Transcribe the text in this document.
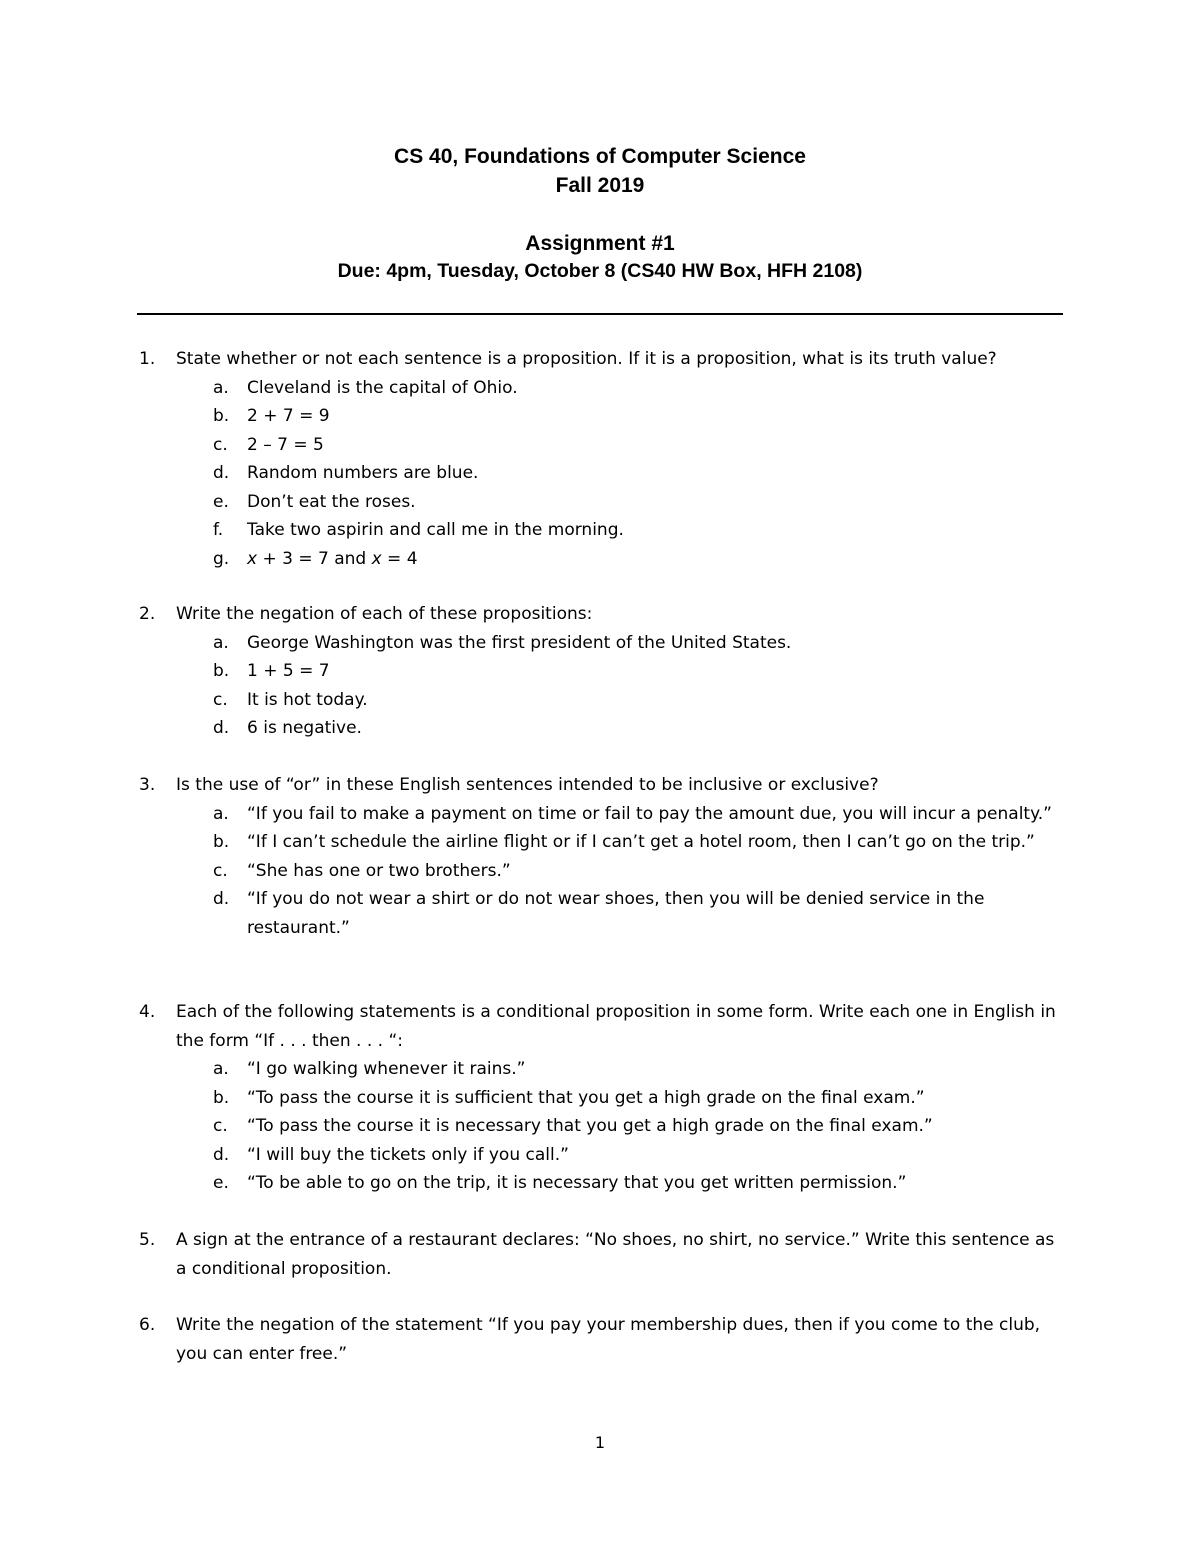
CS 40, Foundations of Computer Science
Fall 2019
Assignment #1
Due: 4pm, Tuesday, October 8 (CS40 HW Box, HFH 2108)
1.	State whether or not each sentence is a proposition. If it is a proposition, what is its truth value?
a.	Cleveland is the capital of Ohio.
b.	2 + 7 = 9
c.	2 – 7 = 5
d.	Random numbers are blue.
e.	Don’t eat the roses.
f.	Take two aspirin and call me in the morning.
g.	x + 3 = 7 and x = 4
2.	Write the negation of each of these propositions:
a.	George Washington was the first president of the United States.
b.	1 + 5 = 7
c.	It is hot today.
d.	6 is negative.
3.	Is the use of “or” in these English sentences intended to be inclusive or exclusive?
a.	“If you fail to make a payment on time or fail to pay the amount due, you will incur a penalty.”
b.	“If I can’t schedule the airline flight or if I can’t get a hotel room, then I can’t go on the trip.”
c.	“She has one or two brothers.”
d.	“If you do not wear a shirt or do not wear shoes, then you will be denied service in the restaurant.”
4.	Each of the following statements is a conditional proposition in some form. Write each one in English in the form “If . . . then . . . “:
a.	“I go walking whenever it rains.”
b.	“To pass the course it is sufficient that you get a high grade on the final exam.”
c.	“To pass the course it is necessary that you get a high grade on the final exam.”
d.	“I will buy the tickets only if you call.”
e.	“To be able to go on the trip, it is necessary that you get written permission.”
5.	A sign at the entrance of a restaurant declares: “No shoes, no shirt, no service.” Write this sentence as a conditional proposition.
6.	Write the negation of the statement “If you pay your membership dues, then if you come to the club, you can enter free.”
1
